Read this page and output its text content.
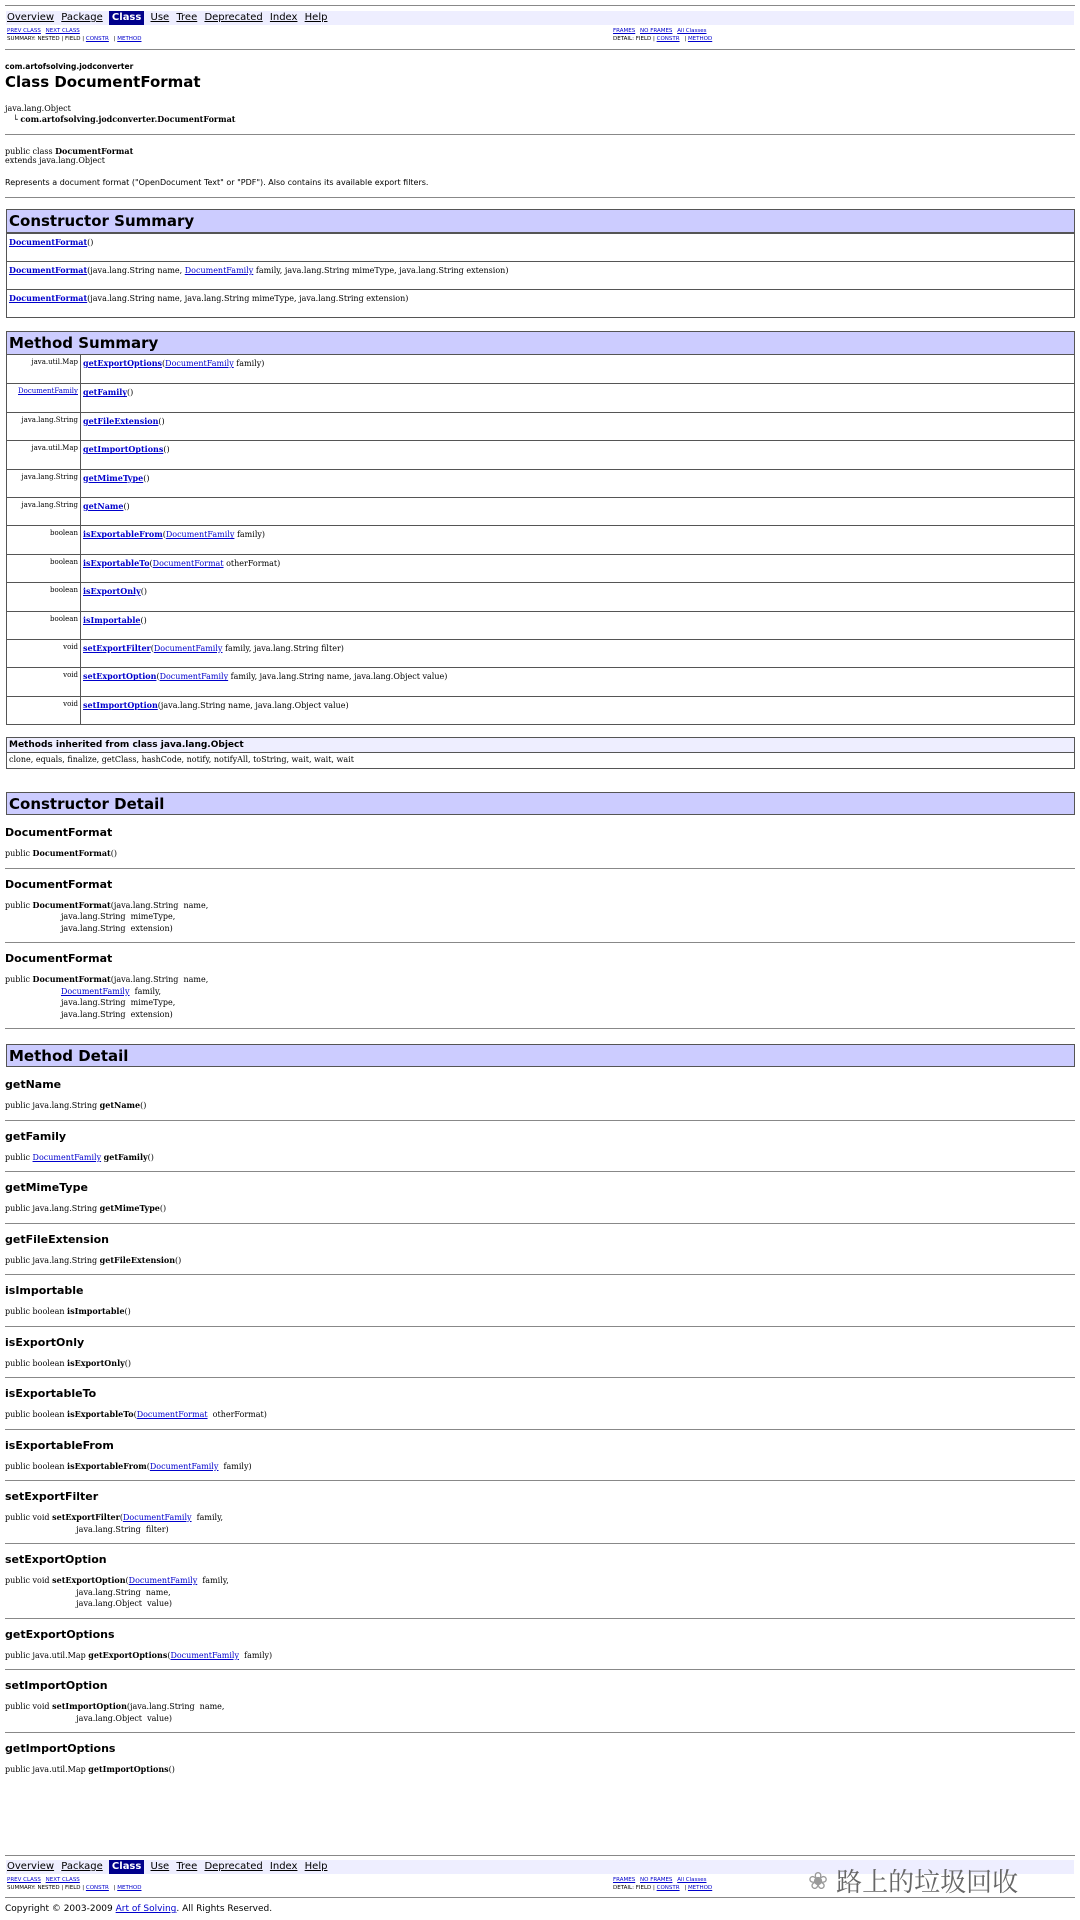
Overview Package Class Use Tree Deprecated Index Help
PREV CLASS NEXT CLASS	FRAMES NO FRAMES All Classes
SUMMARY: NESTED | FIELD | CONSTR | METHOD	DETAIL: FIELD | CONSTR | METHOD
com.artofsolving.jodconverter
Class DocumentFormat
java.lang.Object
└ com.artofsolving.jodconverter.DocumentFormat
public class DocumentFormat
extends java.lang.Object
Represents a document format ("OpenDocument Text" or "PDF"). Also contains its available export filters.
Constructor Summary
DocumentFormat()
DocumentFormat(java.lang.String name, DocumentFamily family, java.lang.String mimeType, java.lang.String extension)
DocumentFormat(java.lang.String name, java.lang.String mimeType, java.lang.String extension)
Method Summary
java.util.Map getExportOptions(DocumentFamily family)
DocumentFamily getFamily()
java.lang.String getFileExtension()
java.util.Map getImportOptions()
java.lang.String getMimeType()
java.lang.String getName()
boolean isExportableFrom(DocumentFamily family)
boolean isExportableTo(DocumentFormat otherFormat)
boolean isExportOnly()
boolean isImportable()
void setExportFilter(DocumentFamily family, java.lang.String filter)
void setExportOption(DocumentFamily family, java.lang.String name, java.lang.Object value)
void setImportOption(java.lang.String name, java.lang.Object value)
Methods inherited from class java.lang.Object
clone, equals, finalize, getClass, hashCode, notify, notifyAll, toString, wait, wait, wait
Constructor Detail
DocumentFormat
public DocumentFormat()
DocumentFormat
public DocumentFormat(java.lang.String  name,
java.lang.String  mimeType,
java.lang.String  extension)
DocumentFormat
public DocumentFormat(java.lang.String  name,
DocumentFamily  family,
java.lang.String  mimeType,
java.lang.String  extension)
Method Detail
getName
public java.lang.String getName()
getFamily
public DocumentFamily getFamily()
getMimeType
public java.lang.String getMimeType()
getFileExtension
public java.lang.String getFileExtension()
isImportable
public boolean isImportable()
isExportOnly
public boolean isExportOnly()
isExportableTo
public boolean isExportableTo(DocumentFormat  otherFormat)
isExportableFrom
public boolean isExportableFrom(DocumentFamily  family)
setExportFilter
public void setExportFilter(DocumentFamily  family,
java.lang.String  filter)
setExportOption
public void setExportOption(DocumentFamily  family,
java.lang.String  name,
java.lang.Object  value)
getExportOptions
public java.util.Map getExportOptions(DocumentFamily  family)
setImportOption
public void setImportOption(java.lang.String  name,
java.lang.Object  value)
getImportOptions
public java.util.Map getImportOptions()
Overview Package Class Use Tree Deprecated Index Help
PREV CLASS NEXT CLASS	FRAMES NO FRAMES All Classes
SUMMARY: NESTED | FIELD | CONSTR | METHOD	DETAIL: FIELD | CONSTR | METHOD
Copyright © 2003-2009 Art of Solving. All Rights Reserved.
❀ 路上的垃圾回收
